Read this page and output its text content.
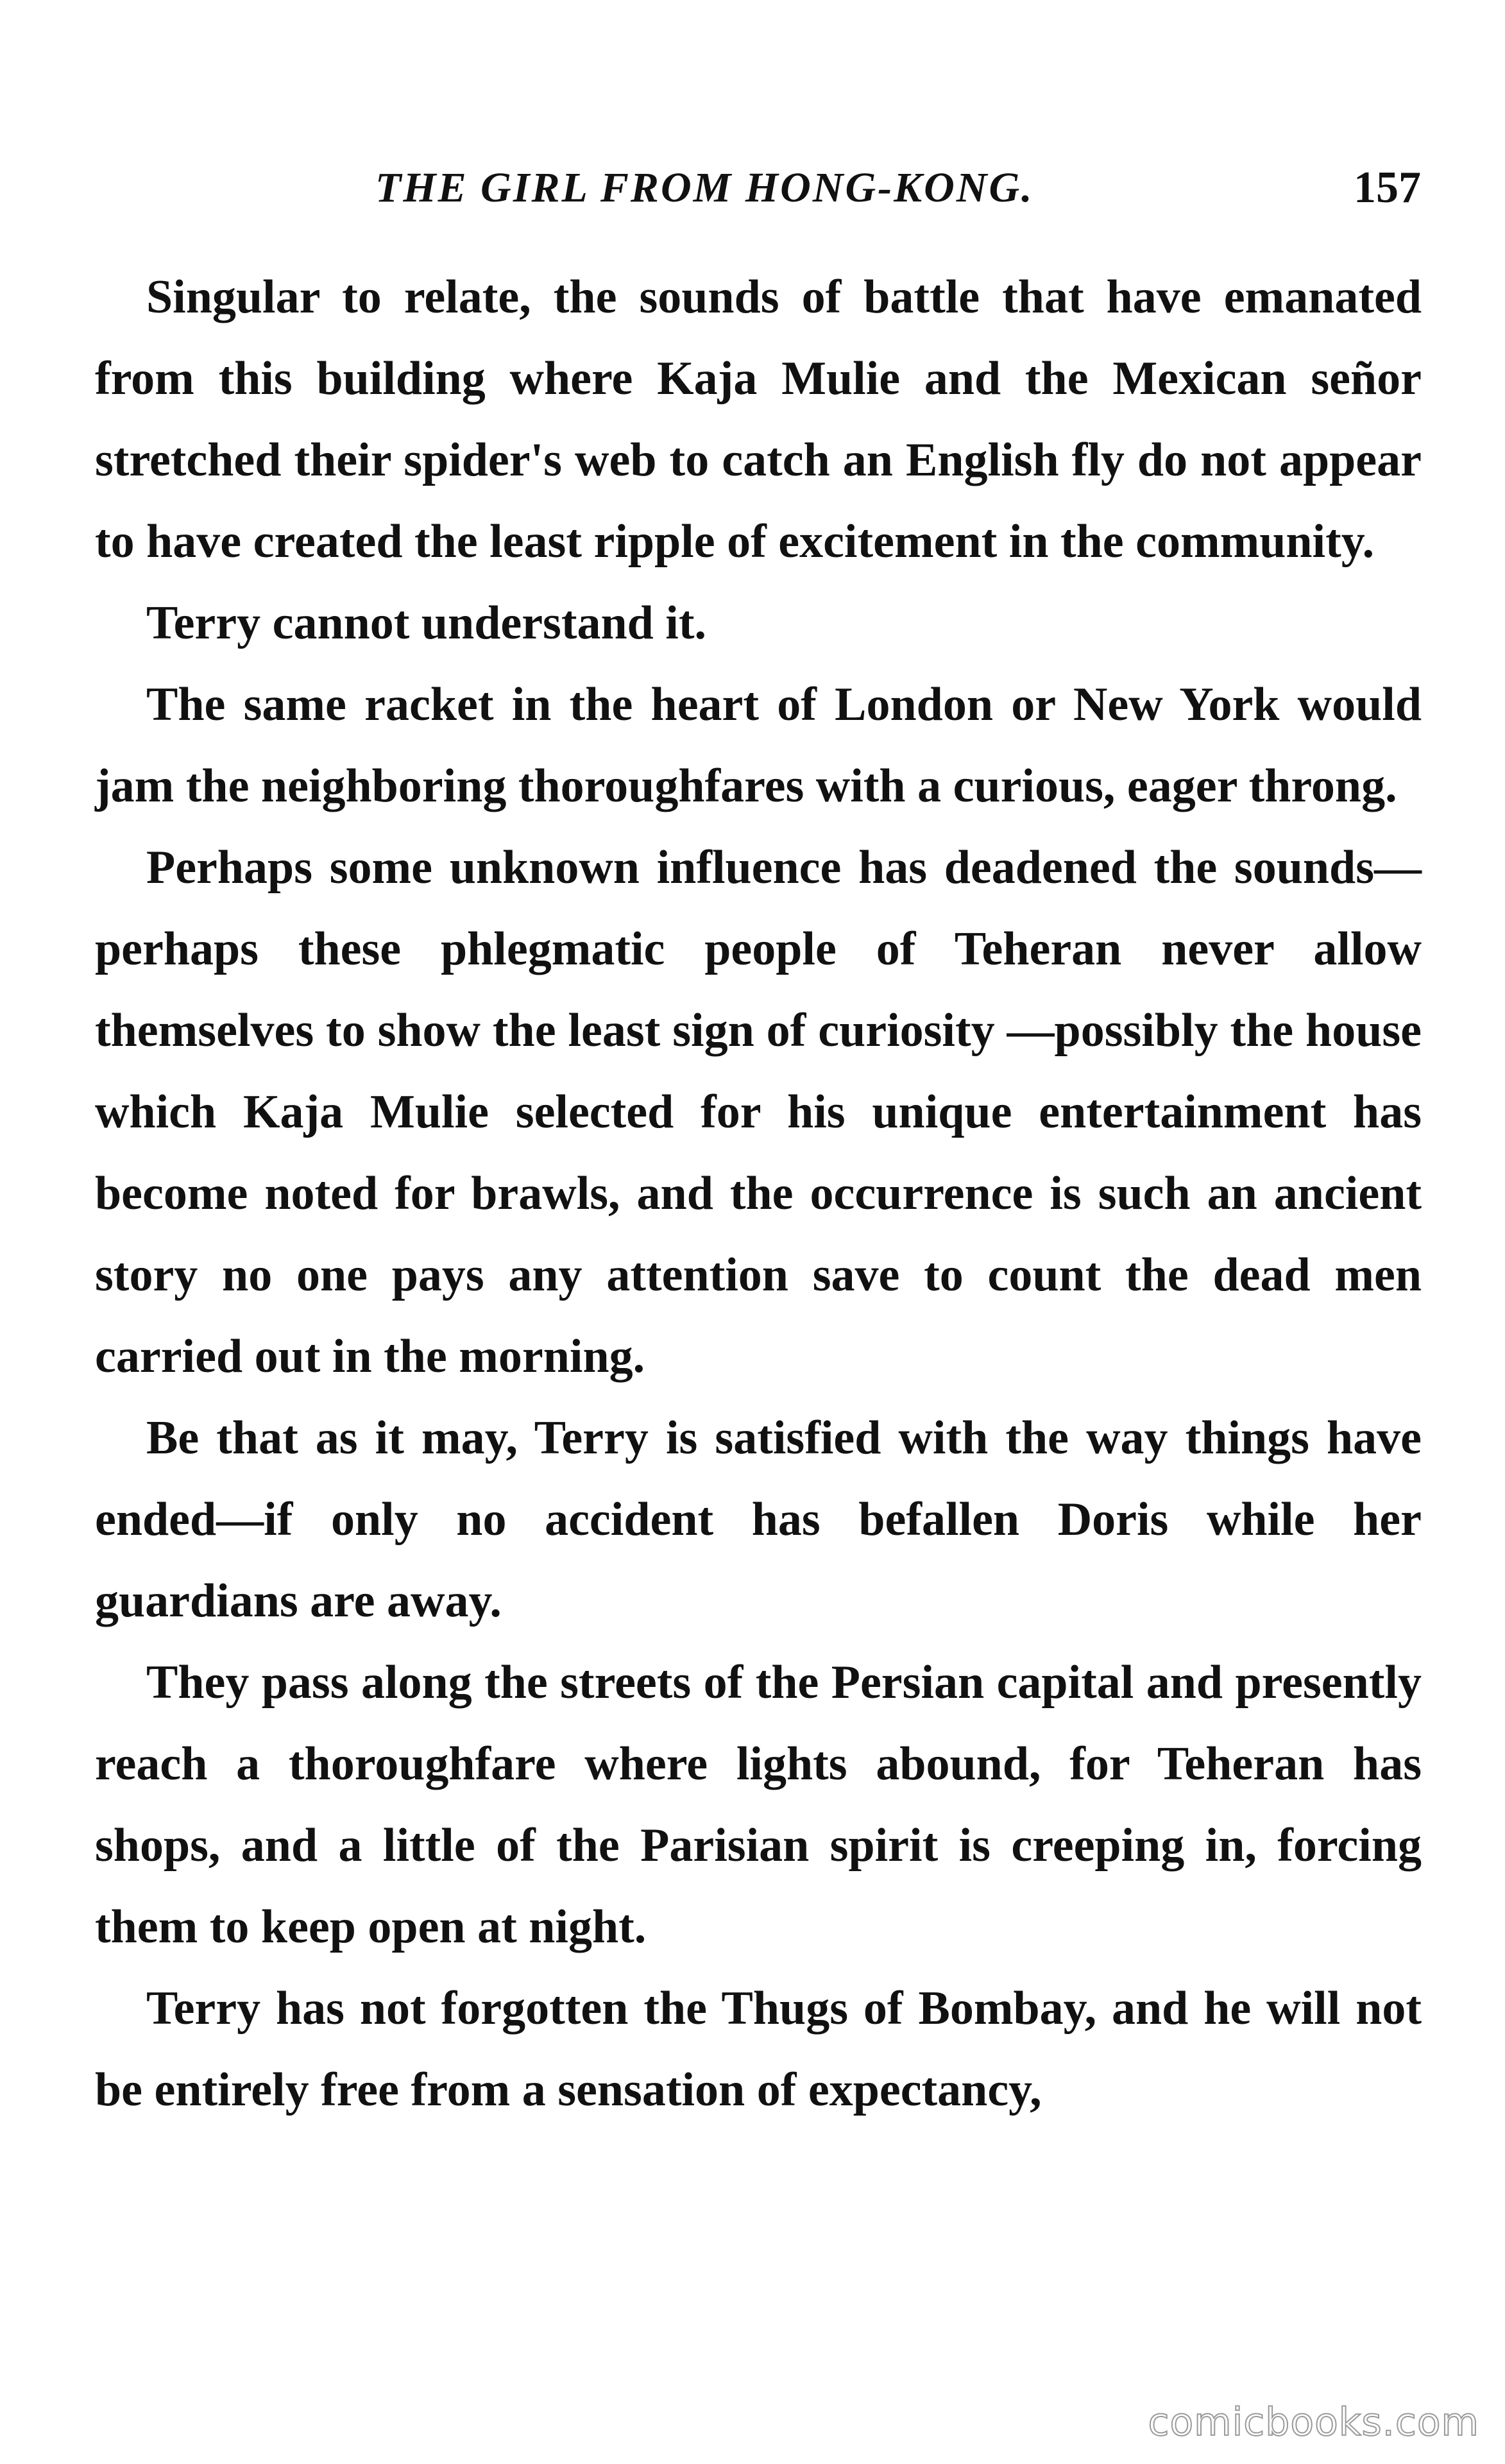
THE GIRL FROM HONG-KONG.	157

Singular to relate, the sounds of battle that have emanated from this building where Kaja Mulie and the Mexican señor stretched their spider's web to catch an English fly do not appear to have created the least ripple of excitement in the community.

Terry cannot understand it.

The same racket in the heart of London or New York would jam the neighboring thoroughfares with a curious, eager throng.

Perhaps some unknown influence has deadened the sounds—perhaps these phlegmatic people of Teheran never allow themselves to show the least sign of curiosity —possibly the house which Kaja Mulie selected for his unique entertainment has become noted for brawls, and the occurrence is such an ancient story no one pays any attention save to count the dead men carried out in the morning.

Be that as it may, Terry is satisfied with the way things have ended—if only no accident has befallen Doris while her guardians are away.

They pass along the streets of the Persian capital and presently reach a thoroughfare where lights abound, for Teheran has shops, and a little of the Parisian spirit is creeping in, forcing them to keep open at night.

Terry has not forgotten the Thugs of Bombay, and he will not be entirely free from a sensation of expectancy,

comicbooks.com
